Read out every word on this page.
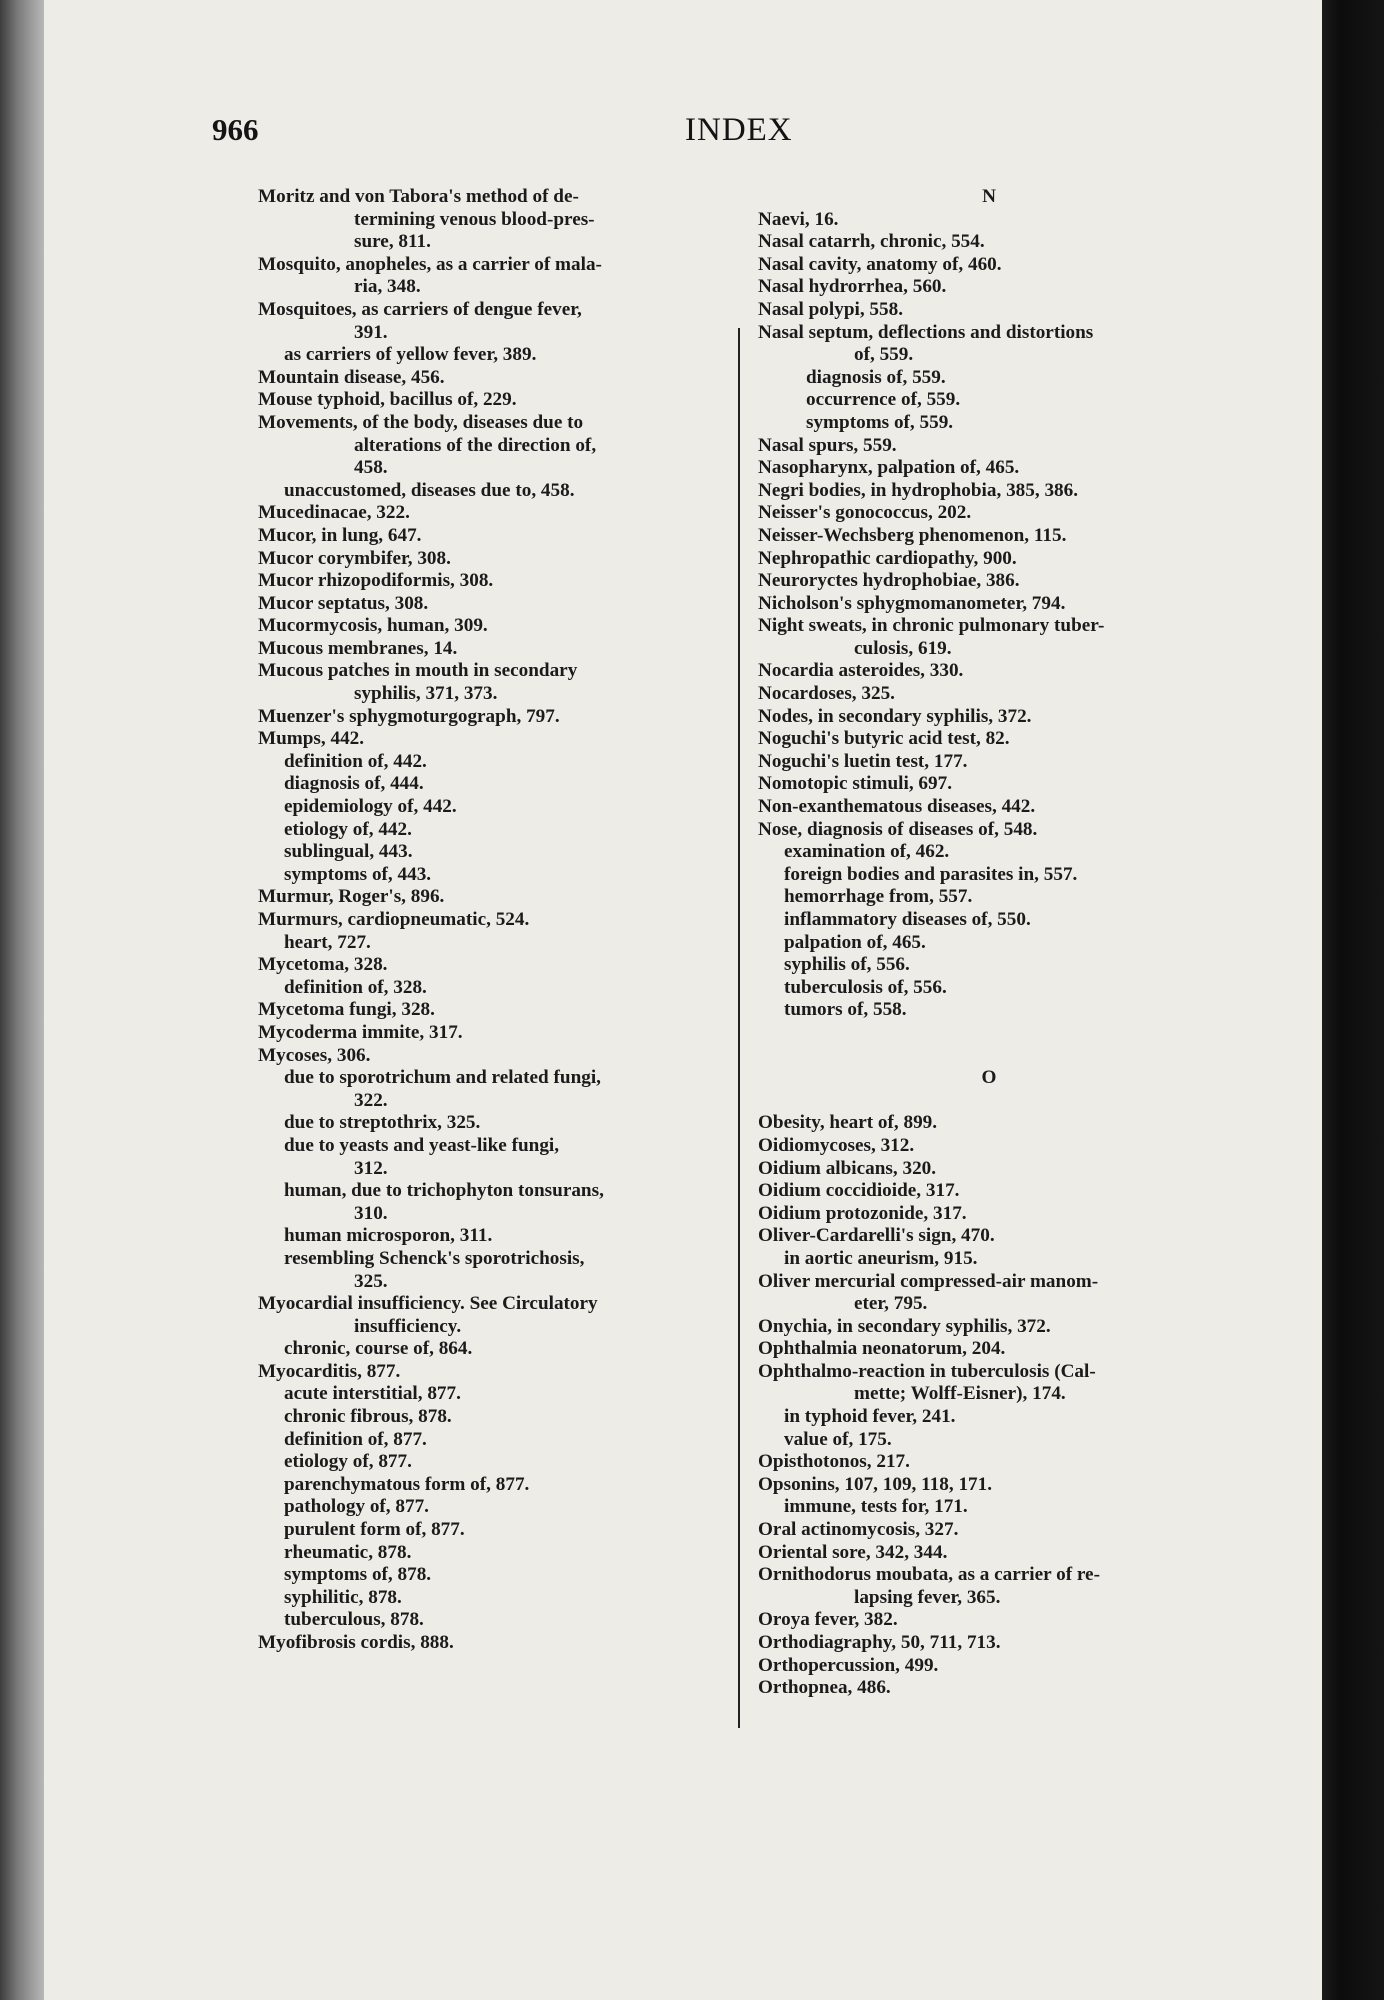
966	INDEX
Moritz and von Tabora's method of de-
termining venous blood-pres-
sure, 811.
Mosquito, anopheles, as a carrier of mala-
ria, 348.
Mosquitoes, as carriers of dengue fever,
391.
as carriers of yellow fever, 389.
Mountain disease, 456.
Mouse typhoid, bacillus of, 229.
Movements, of the body, diseases due to
alterations of the direction of,
458.
unaccustomed, diseases due to, 458.
Mucedinacae, 322.
Mucor, in lung, 647.
Mucor corymbifer, 308.
Mucor rhizopodiformis, 308.
Mucor septatus, 308.
Mucormycosis, human, 309.
Mucous membranes, 14.
Mucous patches in mouth in secondary
syphilis, 371, 373.
Muenzer's sphygmoturgograph, 797.
Mumps, 442.
definition of, 442.
diagnosis of, 444.
epidemiology of, 442.
etiology of, 442.
sublingual, 443.
symptoms of, 443.
Murmur, Roger's, 896.
Murmurs, cardiopneumatic, 524.
heart, 727.
Mycetoma, 328.
definition of, 328.
Mycetoma fungi, 328.
Mycoderma immite, 317.
Mycoses, 306.
due to sporotrichum and related fungi,
322.
due to streptothrix, 325.
due to yeasts and yeast-like fungi,
312.
human, due to trichophyton tonsurans,
310.
human microsporon, 311.
resembling Schenck's sporotrichosis,
325.
Myocardial insufficiency. See Circulatory
insufficiency.
chronic, course of, 864.
Myocarditis, 877.
acute interstitial, 877.
chronic fibrous, 878.
definition of, 877.
etiology of, 877.
parenchymatous form of, 877.
pathology of, 877.
purulent form of, 877.
rheumatic, 878.
symptoms of, 878.
syphilitic, 878.
tuberculous, 878.
Myofibrosis cordis, 888.
N
Naevi, 16.
Nasal catarrh, chronic, 554.
Nasal cavity, anatomy of, 460.
Nasal hydrorrhea, 560.
Nasal polypi, 558.
Nasal septum, deflections and distortions
of, 559.
diagnosis of, 559.
occurrence of, 559.
symptoms of, 559.
Nasal spurs, 559.
Nasopharynx, palpation of, 465.
Negri bodies, in hydrophobia, 385, 386.
Neisser's gonococcus, 202.
Neisser-Wechsberg phenomenon, 115.
Nephropathic cardiopathy, 900.
Neuroryctes hydrophobiae, 386.
Nicholson's sphygmomanometer, 794.
Night sweats, in chronic pulmonary tuber-
culosis, 619.
Nocardia asteroides, 330.
Nocardoses, 325.
Nodes, in secondary syphilis, 372.
Noguchi's butyric acid test, 82.
Noguchi's luetin test, 177.
Nomotopic stimuli, 697.
Non-exanthematous diseases, 442.
Nose, diagnosis of diseases of, 548.
examination of, 462.
foreign bodies and parasites in, 557.
hemorrhage from, 557.
inflammatory diseases of, 550.
palpation of, 465.
syphilis of, 556.
tuberculosis of, 556.
tumors of, 558.
O
Obesity, heart of, 899.
Oidiomycoses, 312.
Oidium albicans, 320.
Oidium coccidioide, 317.
Oidium protozonide, 317.
Oliver-Cardarelli's sign, 470.
in aortic aneurism, 915.
Oliver mercurial compressed-air manom-
eter, 795.
Onychia, in secondary syphilis, 372.
Ophthalmia neonatorum, 204.
Ophthalmo-reaction in tuberculosis (Cal-
mette; Wolff-Eisner), 174.
in typhoid fever, 241.
value of, 175.
Opisthotonos, 217.
Opsonins, 107, 109, 118, 171.
immune, tests for, 171.
Oral actinomycosis, 327.
Oriental sore, 342, 344.
Ornithodorus moubata, as a carrier of re-
lapsing fever, 365.
Oroya fever, 382.
Orthodiagraphy, 50, 711, 713.
Orthopercussion, 499.
Orthopnea, 486.
